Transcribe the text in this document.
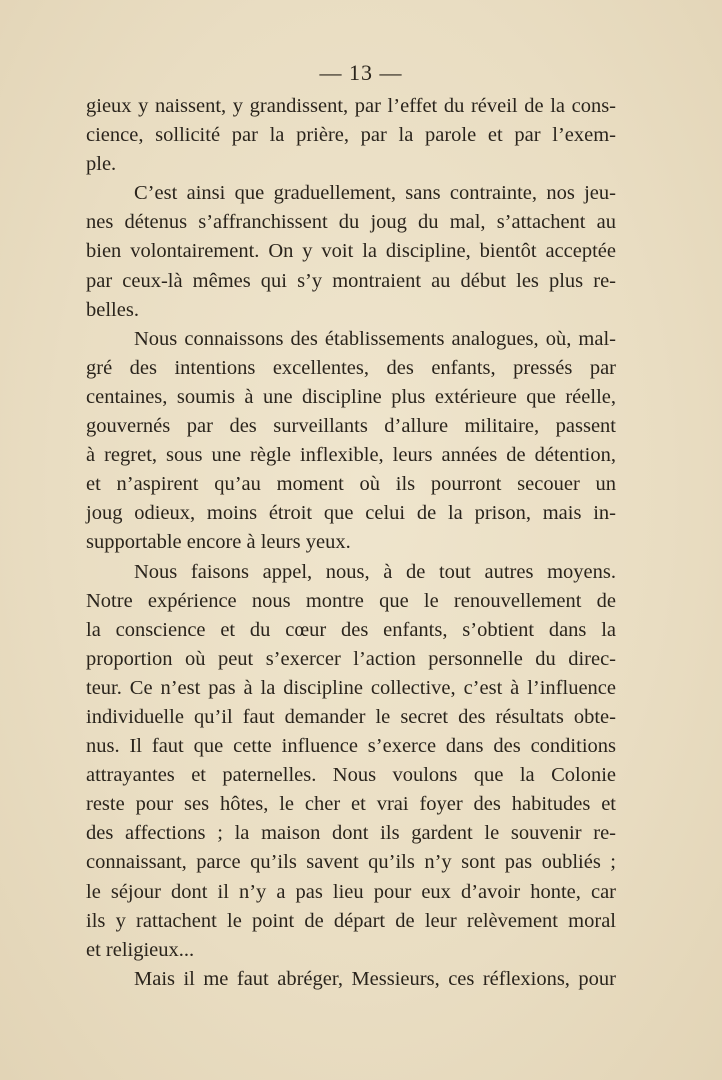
— 13 —
gieux y naissent, y grandissent, par l’effet du réveil de la cons-
cience, sollicité par la prière, par la parole et par l’exem-
ple.
C’est ainsi que graduellement, sans contrainte, nos jeu-
nes détenus s’affranchissent du joug du mal, s’attachent au
bien volontairement. On y voit la discipline, bientôt acceptée
par ceux-là mêmes qui s’y montraient au début les plus re-
belles.
Nous connaissons des établissements analogues, où, mal-
gré des intentions excellentes, des enfants, pressés par
centaines, soumis à une discipline plus extérieure que réelle,
gouvernés par des surveillants d’allure militaire, passent
à regret, sous une règle inflexible, leurs années de détention,
et n’aspirent qu’au moment où ils pourront secouer un
joug odieux, moins étroit que celui de la prison, mais in-
supportable encore à leurs yeux.
Nous faisons appel, nous, à de tout autres moyens.
Notre expérience nous montre que le renouvellement de
la conscience et du cœur des enfants, s’obtient dans la
proportion où peut s’exercer l’action personnelle du direc-
teur. Ce n’est pas à la discipline collective, c’est à l’influence
individuelle qu’il faut demander le secret des résultats obte-
nus. Il faut que cette influence s’exerce dans des conditions
attrayantes et paternelles. Nous voulons que la Colonie
reste pour ses hôtes, le cher et vrai foyer des habitudes et
des affections ; la maison dont ils gardent le souvenir re-
connaissant, parce qu’ils savent qu’ils n’y sont pas oubliés ;
le séjour dont il n’y a pas lieu pour eux d’avoir honte, car
ils y rattachent le point de départ de leur relèvement moral
et religieux...
Mais il me faut abréger, Messieurs, ces réflexions, pour
